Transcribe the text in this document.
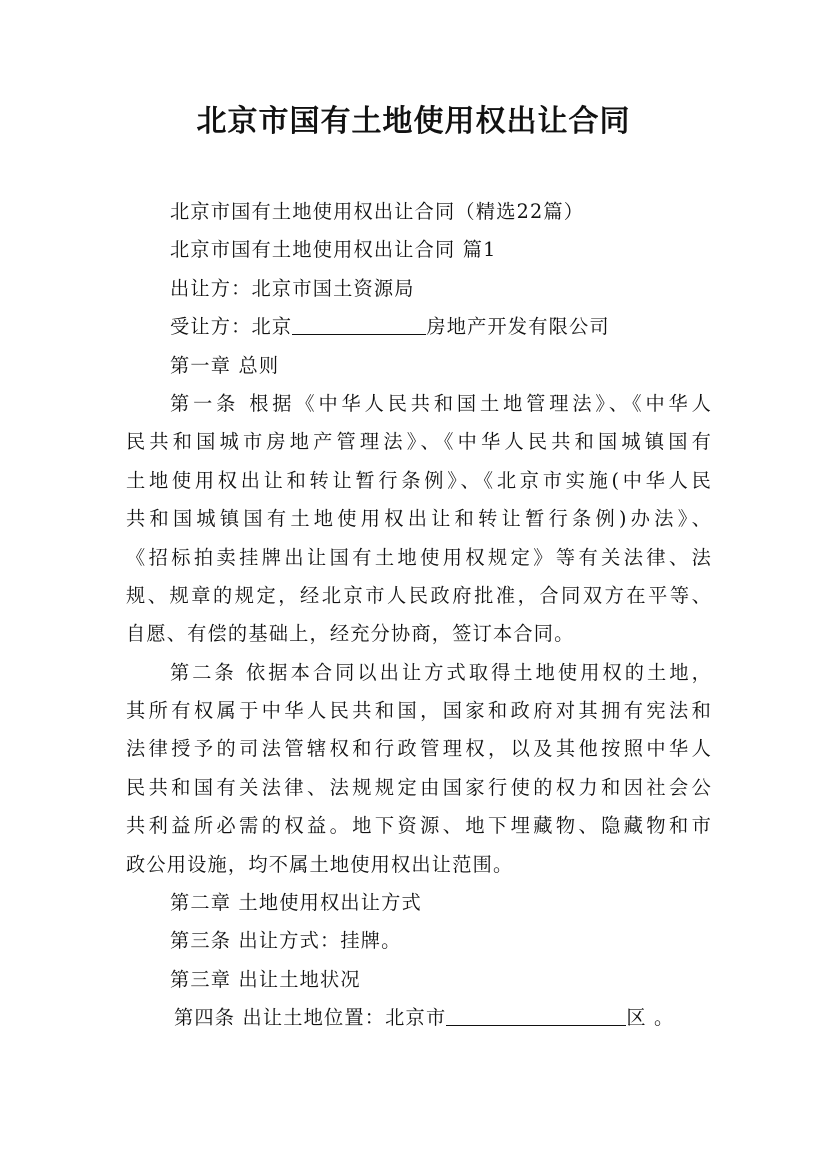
北京市国有土地使用权出让合同
北京市国有土地使用权出让合同（精选22篇）
北京市国有土地使用权出让合同 篇1
出让方：北京市国土资源局
受让方：北京	房地产开发有限公司
第一章 总则
第一条 根据《中华人民共和国土地管理法》、《中华人
民共和国城市房地产管理法》、《中华人民共和国城镇国有
土地使用权出让和转让暂行条例》、《北京市实施(中华人民
共和国城镇国有土地使用权出让和转让暂行条例)办法》、
《招标拍卖挂牌出让国有土地使用权规定》等有关法律、法
规、规章的规定，经北京市人民政府批准，合同双方在平等、
自愿、有偿的基础上，经充分协商，签订本合同。
第二条 依据本合同以出让方式取得土地使用权的土地，
其所有权属于中华人民共和国，国家和政府对其拥有宪法和
法律授予的司法管辖权和行政管理权，以及其他按照中华人
民共和国有关法律、法规规定由国家行使的权力和因社会公
共利益所必需的权益。地下资源、地下埋藏物、隐藏物和市
政公用设施，均不属土地使用权出让范围。
第二章 土地使用权出让方式
第三条 出让方式：挂牌。
第三章 出让土地状况
第四条 出让土地位置：北京市	区 。
